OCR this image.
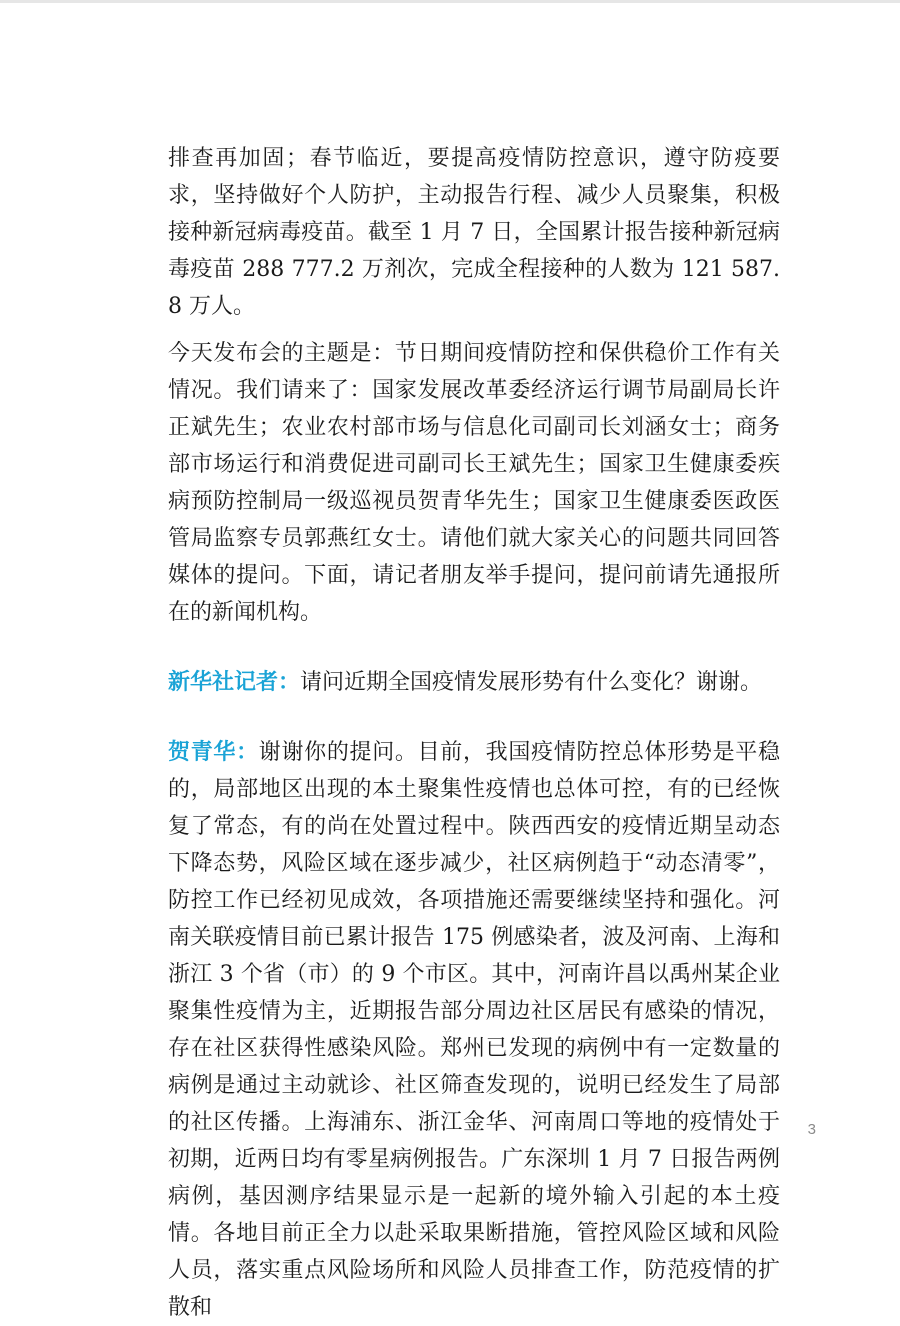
排查再加固；春节临近，要提高疫情防控意识，遵守防疫要求，坚持做好个人防护，主动报告行程、减少人员聚集，积极接种新冠病毒疫苗。截至 1 月 7 日，全国累计报告接种新冠病毒疫苗 288 777.2 万剂次，完成全程接种的人数为 121 587.8 万人。

今天发布会的主题是：节日期间疫情防控和保供稳价工作有关情况。我们请来了：国家发展改革委经济运行调节局副局长许正斌先生；农业农村部市场与信息化司副司长刘涵女士；商务部市场运行和消费促进司副司长王斌先生；国家卫生健康委疾病预防控制局一级巡视员贺青华先生；国家卫生健康委医政医管局监察专员郭燕红女士。请他们就大家关心的问题共同回答媒体的提问。下面，请记者朋友举手提问，提问前请先通报所在的新闻机构。

新华社记者：请问近期全国疫情发展形势有什么变化？谢谢。

贺青华：谢谢你的提问。目前，我国疫情防控总体形势是平稳的，局部地区出现的本土聚集性疫情也总体可控，有的已经恢复了常态，有的尚在处置过程中。陕西西安的疫情近期呈动态下降态势，风险区域在逐步减少，社区病例趋于“动态清零”，防控工作已经初见成效，各项措施还需要继续坚持和强化。河南关联疫情目前已累计报告 175 例感染者，波及河南、上海和浙江 3 个省（市）的 9 个市区。其中，河南许昌以禹州某企业聚集性疫情为主，近期报告部分周边社区居民有感染的情况，存在社区获得性感染风险。郑州已发现的病例中有一定数量的病例是通过主动就诊、社区筛查发现的，说明已经发生了局部的社区传播。上海浦东、浙江金华、河南周口等地的疫情处于初期，近两日均有零星病例报告。广东深圳 1 月 7 日报告两例病例，基因测序结果显示是一起新的境外输入引起的本土疫情。各地目前正全力以赴采取果断措施，管控风险区域和风险人员，落实重点风险场所和风险人员排查工作，防范疫情的扩散和

3
